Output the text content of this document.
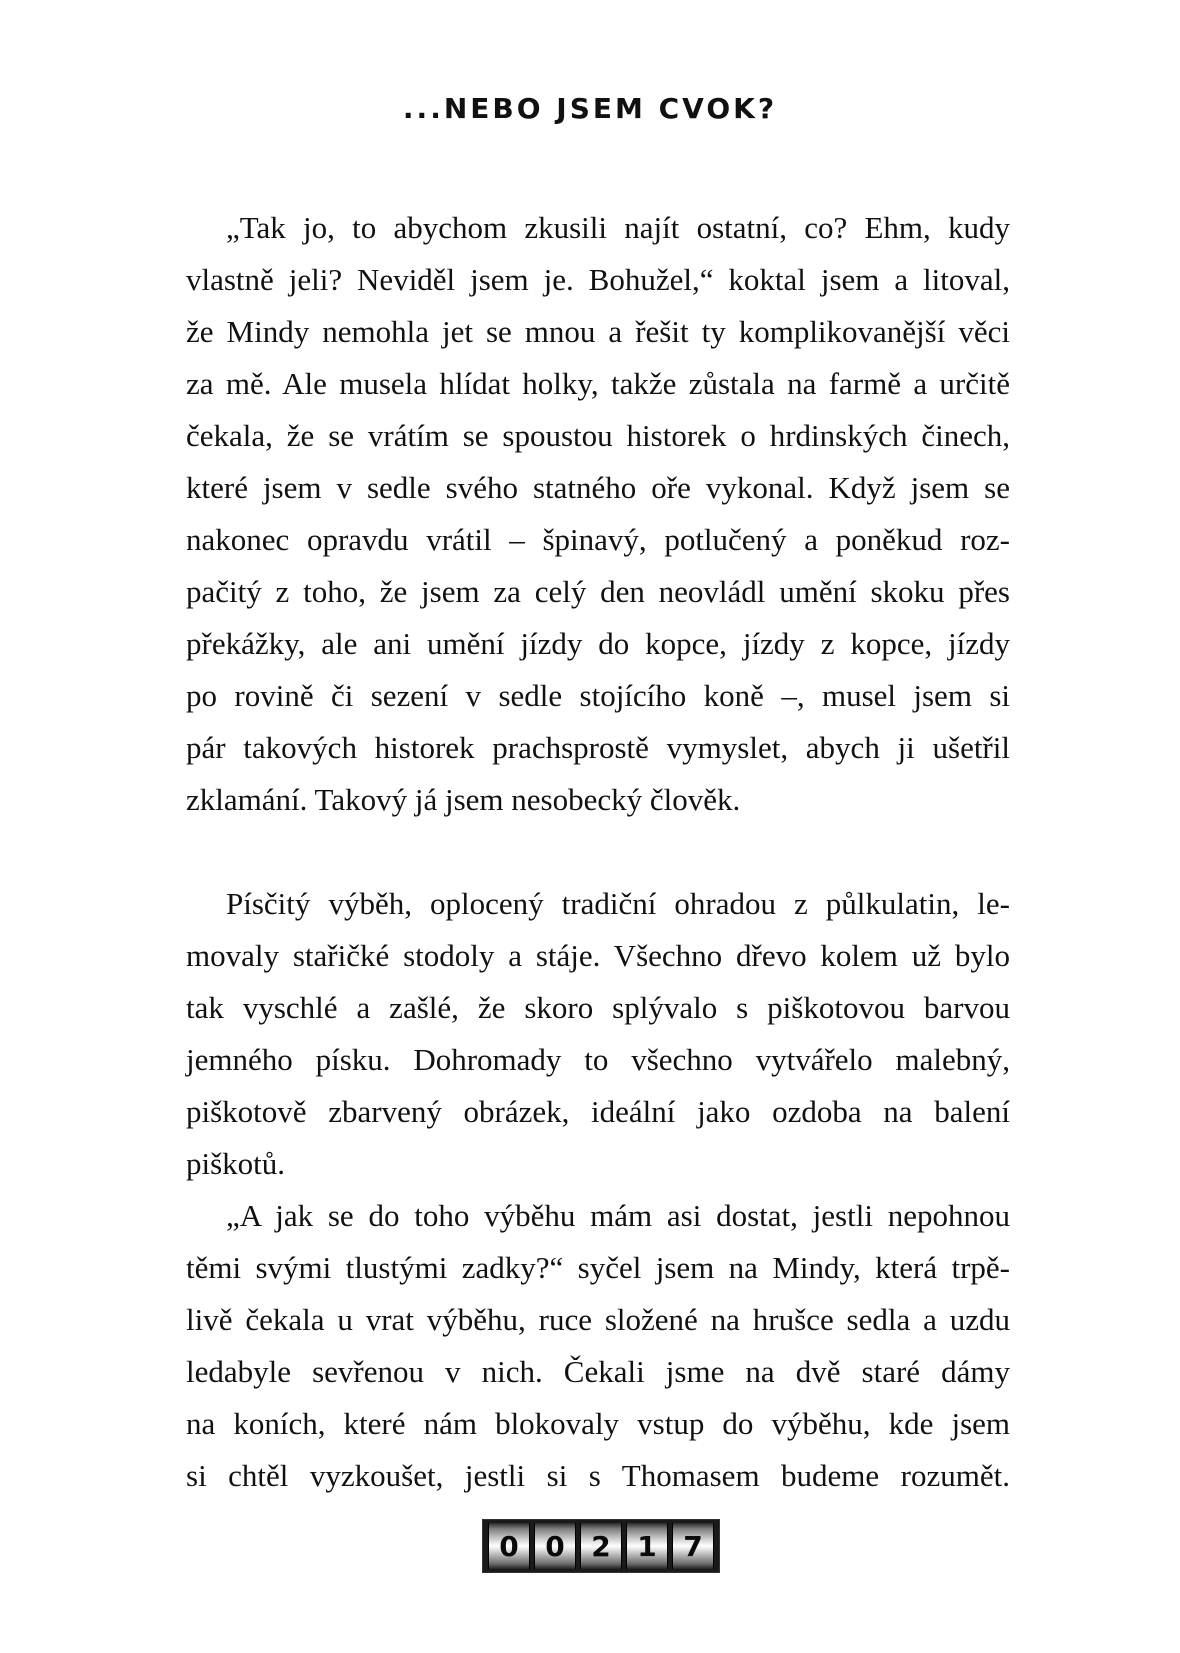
...NEBO JSEM CVOK?

„Tak jo, to abychom zkusili najít ostatní, co? Ehm, kudy
vlastně jeli? Neviděl jsem je. Bohužel,“ koktal jsem a litoval,
že Mindy nemohla jet se mnou a řešit ty komplikovanější věci
za mě. Ale musela hlídat holky, takže zůstala na farmě a určitě
čekala, že se vrátím se spoustou historek o hrdinských činech,
které jsem v sedle svého statného oře vykonal. Když jsem se
nakonec opravdu vrátil – špinavý, potlučený a poněkud roz-
pačitý z toho, že jsem za celý den neovládl umění skoku přes
překážky, ale ani umění jízdy do kopce, jízdy z kopce, jízdy
po rovině či sezení v sedle stojícího koně –, musel jsem si
pár takových historek prachsprostě vymyslet, abych ji ušetřil
zklamání. Takový já jsem nesobecký člověk.

Písčitý výběh, oplocený tradiční ohradou z půlkulatin, le-
movaly stařičké stodoly a stáje. Všechno dřevo kolem už bylo
tak vyschlé a zašlé, že skoro splývalo s piškotovou barvou
jemného písku. Dohromady to všechno vytvářelo malebný,
piškotově zbarvený obrázek, ideální jako ozdoba na balení
piškotů.

„A jak se do toho výběhu mám asi dostat, jestli nepohnou
těmi svými tlustými zadky?“ syčel jsem na Mindy, která trpě-
livě čekala u vrat výběhu, ruce složené na hrušce sedla a uzdu
ledabyle sevřenou v nich. Čekali jsme na dvě staré dámy
na koních, které nám blokovaly vstup do výběhu, kde jsem
si chtěl vyzkoušet, jestli si s Thomasem budeme rozumět.

0 0 2 1 7
